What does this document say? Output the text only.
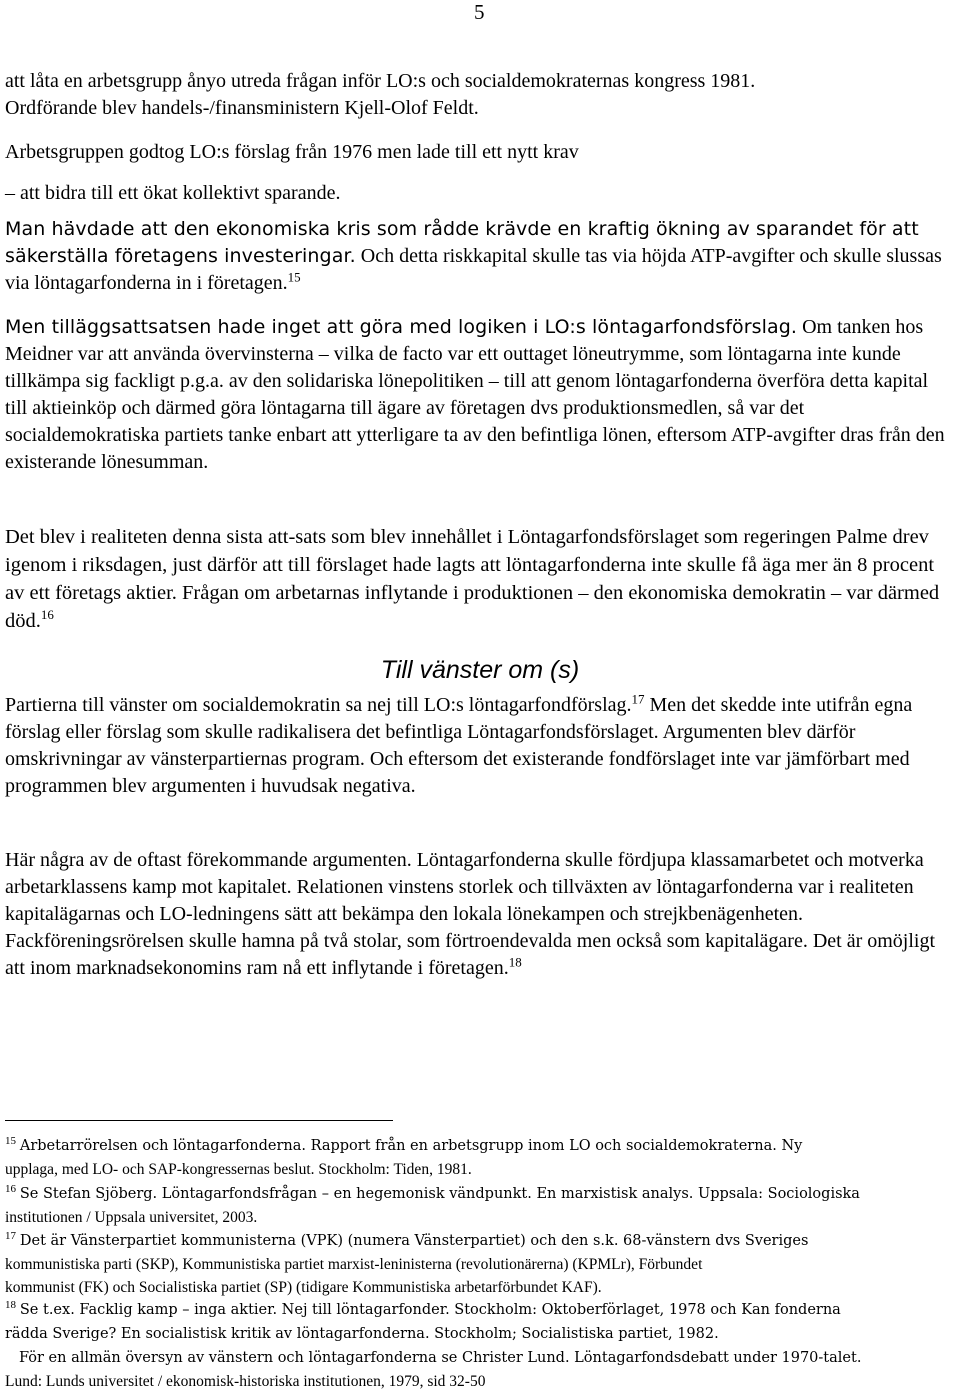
5
att låta en arbetsgrupp ånyo utreda frågan inför LO:s och socialdemokraternas kongress 1981.
Ordförande blev handels-/finansministern Kjell-Olof Feldt.
Arbetsgruppen godtog LO:s förslag från 1976 men lade till ett nytt krav
– att bidra till ett ökat kollektivt sparande.
Man hävdade att den ekonomiska kris som rådde krävde en kraftig ökning av sparandet för att säkerställa företagens investeringar. Och detta riskkapital skulle tas via höjda ATP-avgifter och skulle slussas via löntagarfonderna in i företagen.$^{15}$
Men tilläggsattsatsen hade inget att göra med logiken i LO:s löntagarfondsförslag. Om tanken hos Meidner var att använda övervinsterna – vilka de facto var ett outtaget löneutrymme, som löntagarna inte kunde tillkämpa sig fackligt p.g.a. av den solidariska lönepolitiken – till att genom löntagarfonderna överföra detta kapital till aktieinköp och därmed göra löntagarna till ägare av företagen dvs produktionsmedlen, så var det socialdemokratiska partiets tanke enbart att ytterligare ta av den befintliga lönen, eftersom ATP-avgifter dras från den existerande lönesumman.
Det blev i realiteten denna sista att-sats som blev innehållet i Löntagarfondsförslaget som regeringen Palme drev igenom i riksdagen, just därför att till förslaget hade lagts att löntagarfonderna inte skulle få äga mer än 8 procent av ett företags aktier. Frågan om arbetarnas inflytande i produktionen – den ekonomiska demokratin – var därmed död.$^{16}$
Till vänster om (s)
Partierna till vänster om socialdemokratin sa nej till LO:s löntagarfondförslag.$^{17}$ Men det skedde inte utifrån egna förslag eller förslag som skulle radikalisera det befintliga Löntagarfondsförslaget. Argumenten blev därför omskrivningar av vänsterpartiernas program. Och eftersom det existerande fondförslaget inte var jämförbart med programmen blev argumenten i huvudsak negativa.
Här några av de oftast förekommande argumenten. Löntagarfonderna skulle fördjupa klassamarbetet och motverka arbetarklassens kamp mot kapitalet. Relationen vinstens storlek och tillväxten av löntagarfonderna var i realiteten kapitalägarnas och LO-ledningens sätt att bekämpa den lokala lönekampen och strejkbenägenheten. Fackföreningsrörelsen skulle hamna på två stolar, som förtroendevalda men också som kapitalägare. Det är omöjligt att inom marknadsekonomins ram nå ett inflytande i företagen.$^{18}$
$^{15}$ Arbetarrörelsen och löntagarfonderna. Rapport från en arbetsgrupp inom LO och socialdemokraterna. Ny
upplaga, med LO- och SAP-kongressernas beslut. Stockholm: Tiden, 1981.
$^{16}$ Se Stefan Sjöberg. Löntagarfondsfrågan – en hegemonisk vändpunkt. En marxistisk analys. Uppsala: Sociologiska
institutionen / Uppsala universitet, 2003.
$^{17}$ Det är Vänsterpartiet kommunisterna (VPK) (numera Vänsterpartiet) och den s.k. 68-vänstern dvs Sveriges
kommunistiska parti (SKP), Kommunistiska partiet marxist-leninisterna (revolutionärerna) (KPMLr), Förbundet
kommunist (FK) och Socialistiska partiet (SP) (tidigare Kommunistiska arbetarförbundet KAF).
$^{18}$ Se t.ex. Facklig kamp – inga aktier. Nej till löntagarfonder. Stockholm: Oktoberförlaget, 1978 och Kan fonderna
rädda Sverige? En socialistisk kritik av löntagarfonderna. Stockholm; Socialistiska partiet, 1982.
För en allmän översyn av vänstern och löntagarfonderna se Christer Lund. Löntagarfondsdebatt under 1970-talet.
Lund: Lunds universitet / ekonomisk-historiska institutionen, 1979, sid 32-50
